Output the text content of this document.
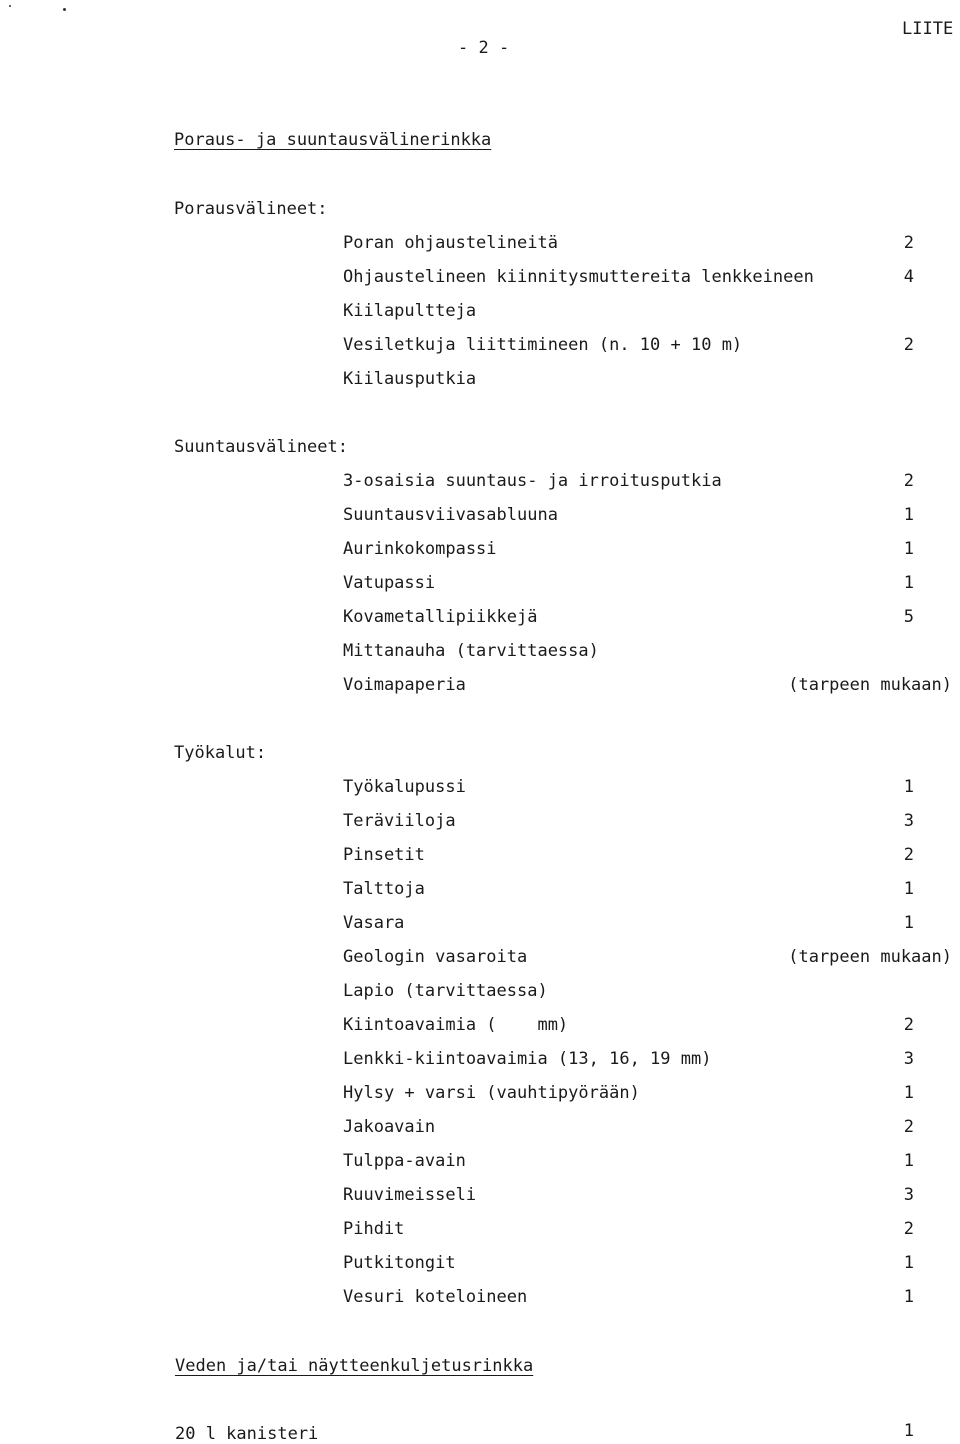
- 2 -
LIITE
Poraus- ja suuntausvälinerinkka
Porausvälineet:
Poran ohjaustelineitä	2
Ohjaustelineen kiinnitysmuttereita lenkkeineen	4
Kiilapultteja
Vesiletkuja liittimineen (n. 10 + 10 m)	2
Kiilausputkia
Suuntausvälineet:
3-osaisia suuntaus- ja irroitusputkia	2
Suuntausviivasabluuna	1
Aurinkokompassi	1
Vatupassi	1
Kovametallipiikkejä	5
Mittanauha (tarvittaessa)
Voimapaperia	(tarpeen mukaan)
Työkalut:
Työkalupussi	1
Teräviiloja	3
Pinsetit	2
Talttoja	1
Vasara	1
Geologin vasaroita	(tarpeen mukaan)
Lapio (tarvittaessa)
Kiintoavaimia (    mm)	2
Lenkki-kiintoavaimia (13, 16, 19 mm)	3
Hylsy + varsi (vauhtipyörään)	1
Jakoavain	2
Tulppa-avain	1
Ruuvimeisseli	3
Pihdit	2
Putkitongit	1
Vesuri koteloineen	1
Veden ja/tai näytteenkuljetusrinkka
20 l kanisteri	1
